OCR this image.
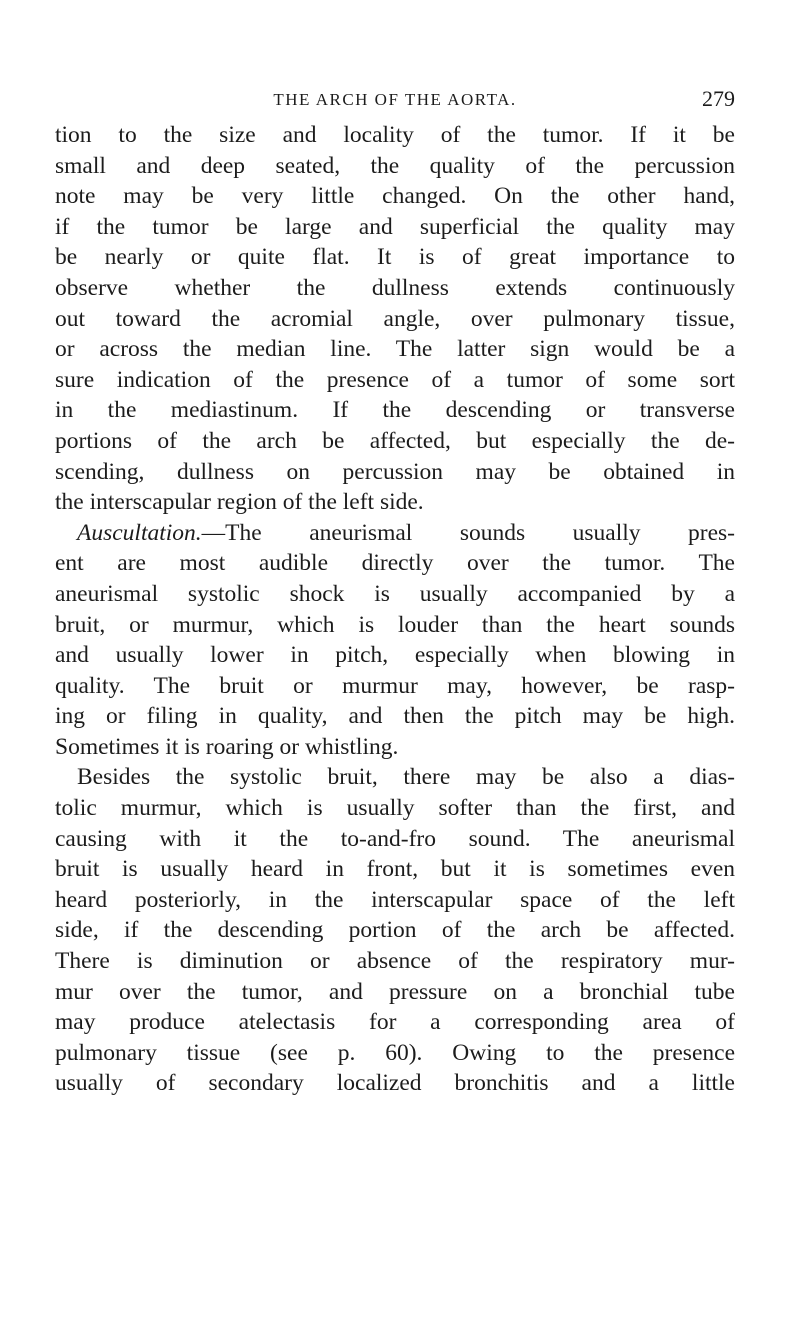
THE ARCH OF THE AORTA.	279
tion to the size and locality of the tumor. If it be
small and deep seated, the quality of the percussion
note may be very little changed. On the other hand,
if the tumor be large and superficial the quality may
be nearly or quite flat. It is of great importance to
observe whether the dullness extends continuously
out toward the acromial angle, over pulmonary tissue,
or across the median line. The latter sign would be a
sure indication of the presence of a tumor of some sort
in the mediastinum. If the descending or transverse
portions of the arch be affected, but especially the de-
scending, dullness on percussion may be obtained in
the interscapular region of the left side.
Auscultation.—The aneurismal sounds usually pres-
ent are most audible directly over the tumor. The
aneurismal systolic shock is usually accompanied by a
bruit, or murmur, which is louder than the heart sounds
and usually lower in pitch, especially when blowing in
quality. The bruit or murmur may, however, be rasp-
ing or filing in quality, and then the pitch may be high.
Sometimes it is roaring or whistling.
Besides the systolic bruit, there may be also a dias-
tolic murmur, which is usually softer than the first, and
causing with it the to-and-fro sound. The aneurismal
bruit is usually heard in front, but it is sometimes even
heard posteriorly, in the interscapular space of the left
side, if the descending portion of the arch be affected.
There is diminution or absence of the respiratory mur-
mur over the tumor, and pressure on a bronchial tube
may produce atelectasis for a corresponding area of
pulmonary tissue (see p. 60). Owing to the presence
usually of secondary localized bronchitis and a little
